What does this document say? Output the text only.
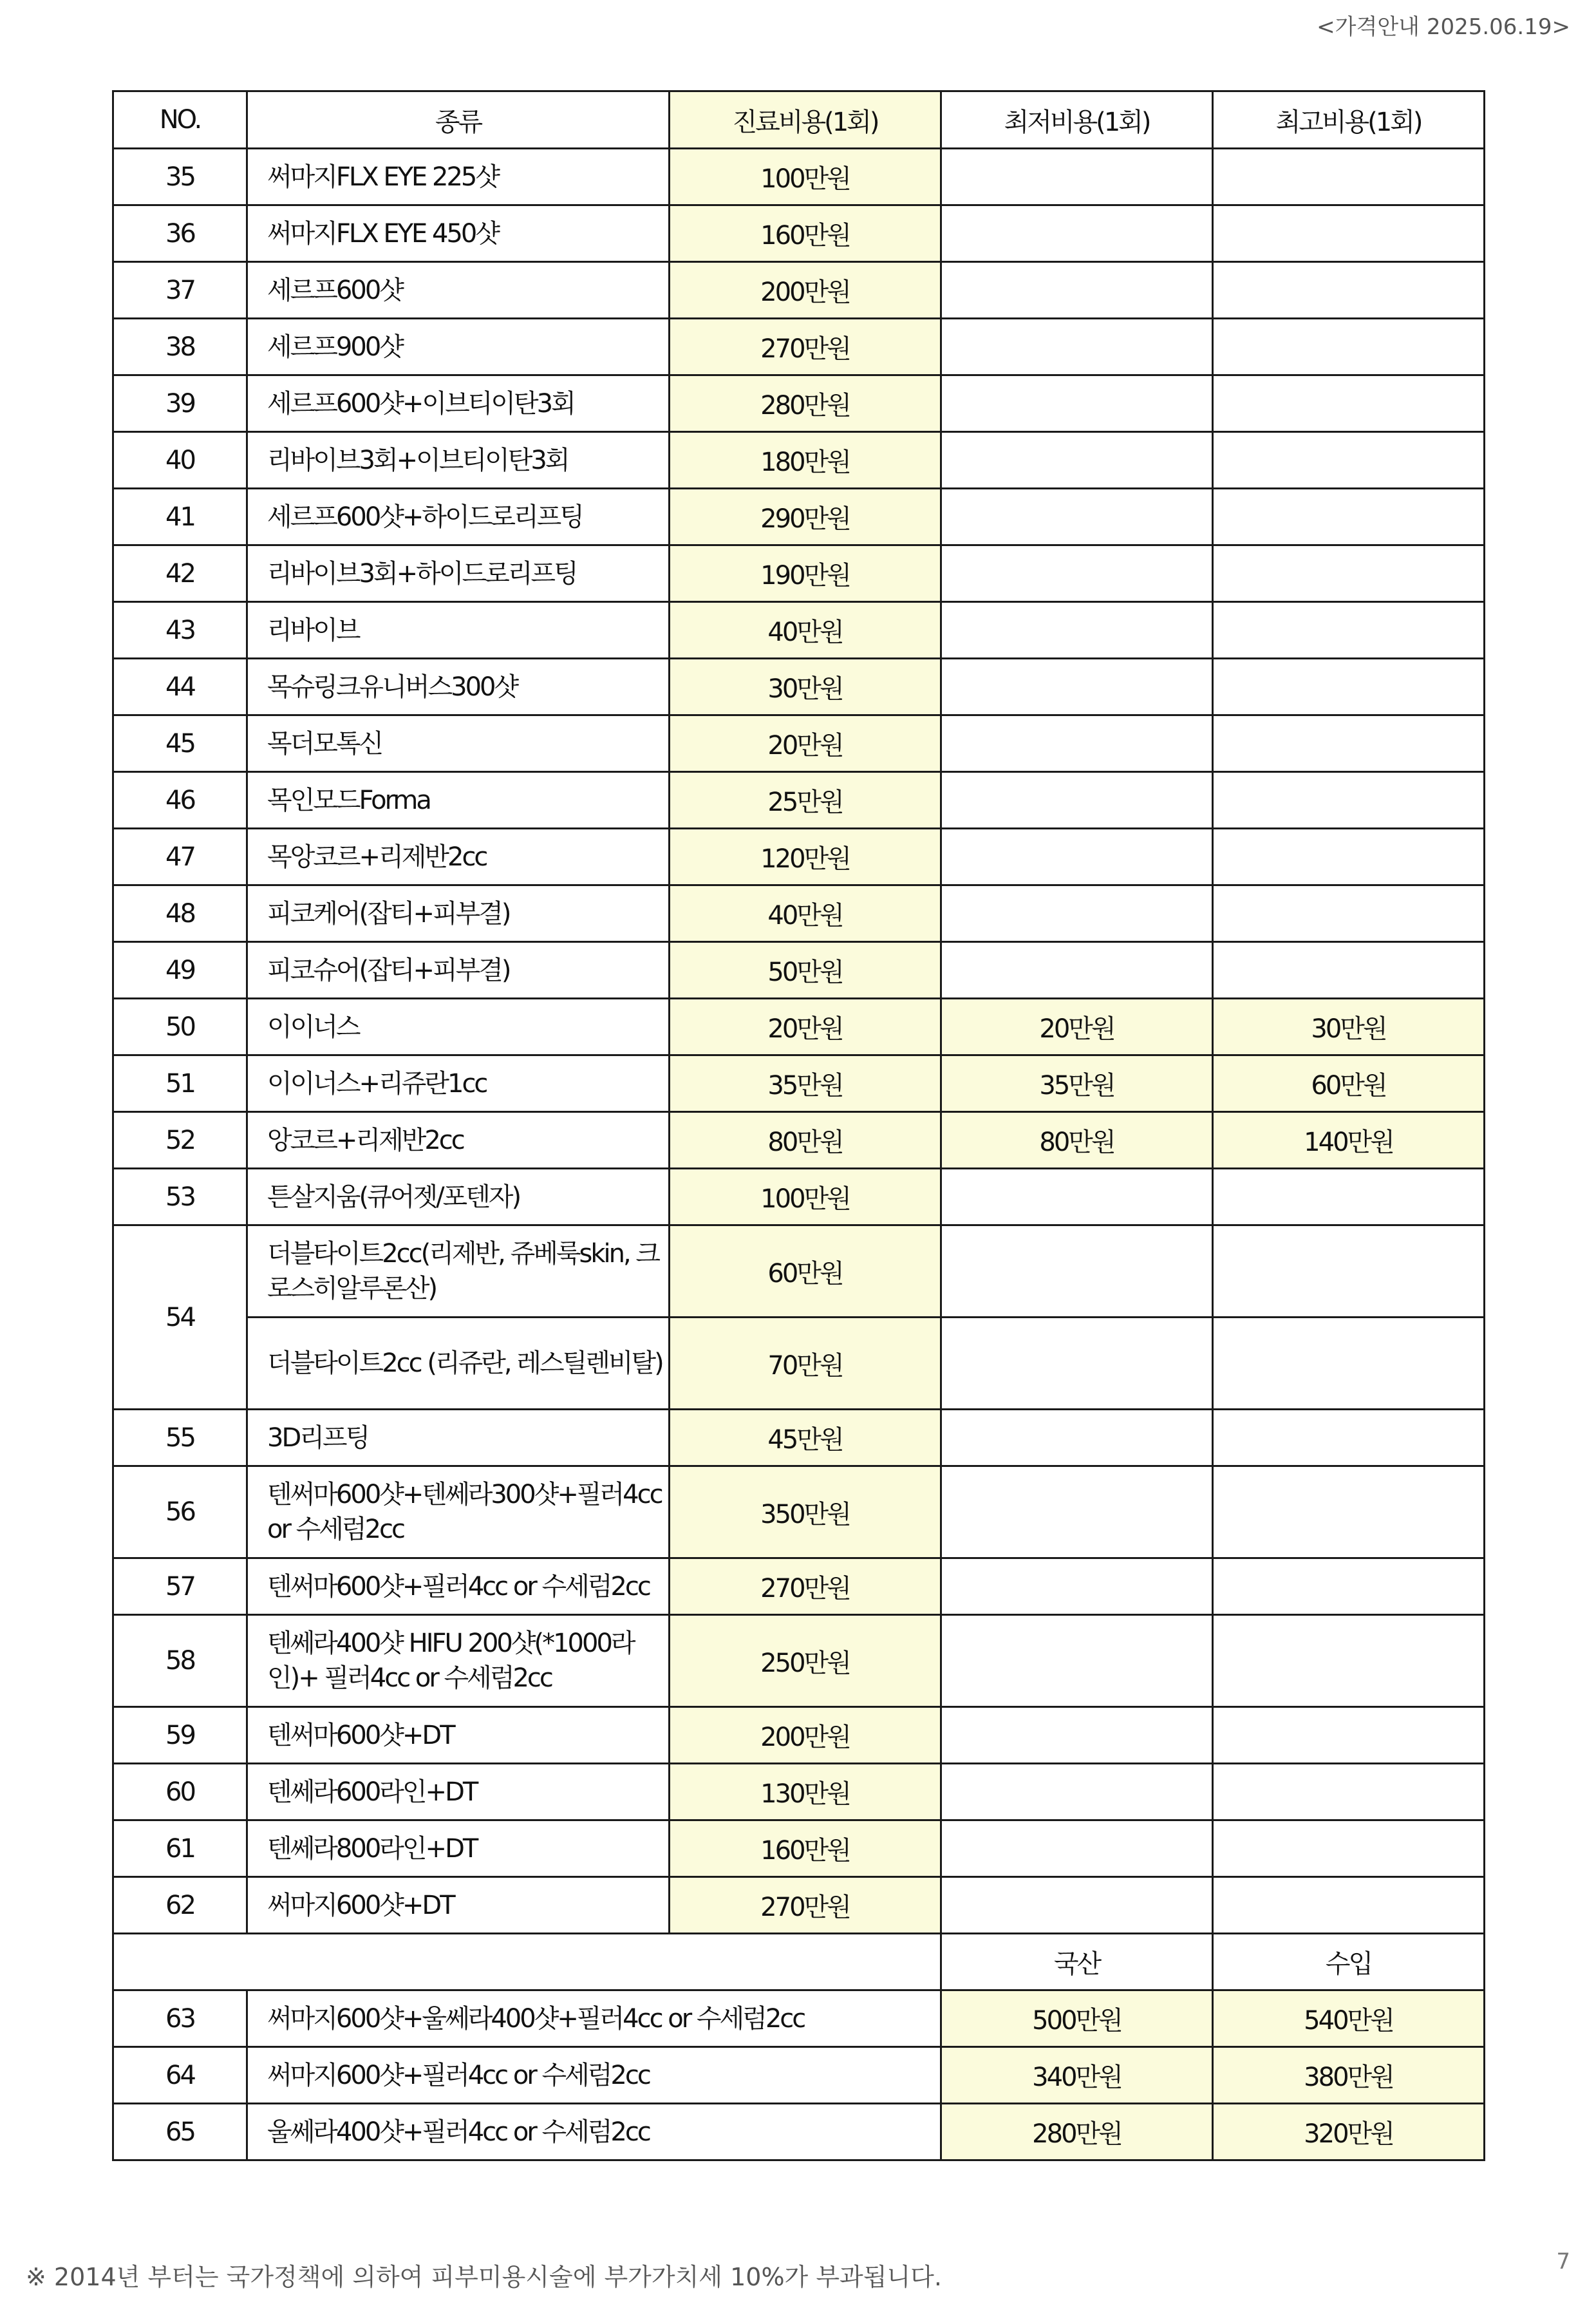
<가격안내 2025.06.19>
NO.	종류	진료비용(1회)	최저비용(1회)	최고비용(1회)
35	써마지FLX EYE 225샷	100만원		
36	써마지FLX EYE 450샷	160만원		
37	세르프600샷	200만원		
38	세르프900샷	270만원		
39	세르프600샷+이브티이탄3회	280만원		
40	리바이브3회+이브티이탄3회	180만원		
41	세르프600샷+하이드로리프팅	290만원		
42	리바이브3회+하이드로리프팅	190만원		
43	리바이브	40만원		
44	목슈링크유니버스300샷	30만원		
45	목더모톡신	20만원		
46	목인모드Forma	25만원		
47	목앙코르+리제반2cc	120만원		
48	피코케어(잡티+피부결)	40만원		
49	피코슈어(잡티+피부결)	50만원		
50	이이너스	20만원	20만원	30만원
51	이이너스+리쥬란1cc	35만원	35만원	60만원
52	앙코르+리제반2cc	80만원	80만원	140만원
53	튼살지움(큐어젯/포텐자)	100만원		
54	더블타이트2cc(리제반, 쥬베룩skin, 크로스히알루론산)	60만원		
	더블타이트2cc (리쥬란, 레스틸렌비탈)	70만원		
55	3D리프팅	45만원		
56	텐써마600샷+텐쎄라300샷+필러4cc or 수세럼2cc	350만원		
57	텐써마600샷+필러4cc or 수세럼2cc	270만원		
58	텐쎄라400샷 HIFU 200샷(*1000라인)+ 필러4cc or 수세럼2cc	250만원		
59	텐써마600샷+DT	200만원		
60	텐쎄라600라인+DT	130만원		
61	텐쎄라800라인+DT	160만원		
62	써마지600샷+DT	270만원		
			국산	수입
63	써마지600샷+울쎄라400샷+필러4cc or 수세럼2cc		500만원	540만원
64	써마지600샷+필러4cc or 수세럼2cc		340만원	380만원
65	울쎄라400샷+필러4cc or 수세럼2cc		280만원	320만원
※ 2014년 부터는 국가정책에 의하여 피부미용시술에 부가가치세 10%가 부과됩니다.
7
